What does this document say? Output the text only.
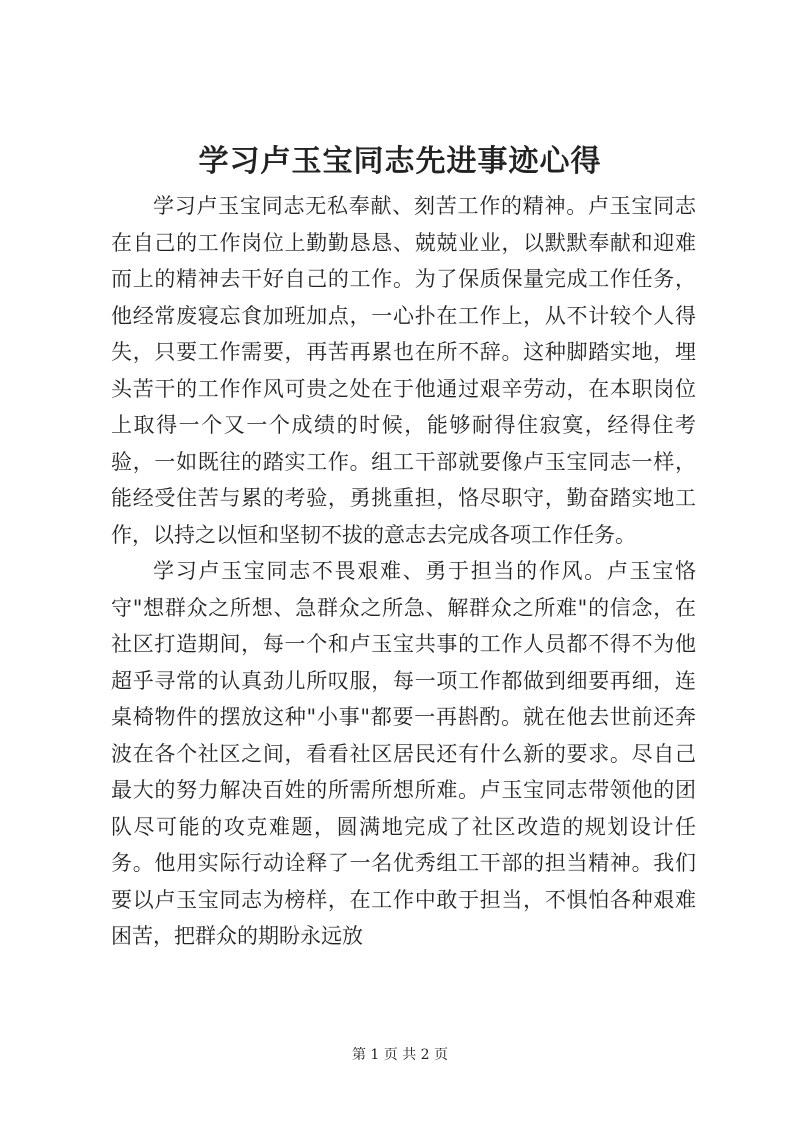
学习卢玉宝同志先进事迹心得

学习卢玉宝同志无私奉献、刻苦工作的精神。卢玉宝同志在自己的工作岗位上勤勤恳恳、兢兢业业，以默默奉献和迎难而上的精神去干好自己的工作。为了保质保量完成工作任务，他经常废寝忘食加班加点，一心扑在工作上，从不计较个人得失，只要工作需要，再苦再累也在所不辞。这种脚踏实地，埋头苦干的工作作风可贵之处在于他通过艰辛劳动，在本职岗位上取得一个又一个成绩的时候，能够耐得住寂寞，经得住考验，一如既往的踏实工作。组工干部就要像卢玉宝同志一样，能经受住苦与累的考验，勇挑重担，恪尽职守，勤奋踏实地工作，以持之以恒和坚韧不拔的意志去完成各项工作任务。

学习卢玉宝同志不畏艰难、勇于担当的作风。卢玉宝恪守"想群众之所想、急群众之所急、解群众之所难"的信念，在社区打造期间，每一个和卢玉宝共事的工作人员都不得不为他超乎寻常的认真劲儿所叹服，每一项工作都做到细要再细，连桌椅物件的摆放这种"小事"都要一再斟酌。就在他去世前还奔波在各个社区之间，看看社区居民还有什么新的要求。尽自己最大的努力解决百姓的所需所想所难。卢玉宝同志带领他的团队尽可能的攻克难题，圆满地完成了社区改造的规划设计任务。他用实际行动诠释了一名优秀组工干部的担当精神。我们要以卢玉宝同志为榜样，在工作中敢于担当，不惧怕各种艰难困苦，把群众的期盼永远放

第 1 页 共 2 页
